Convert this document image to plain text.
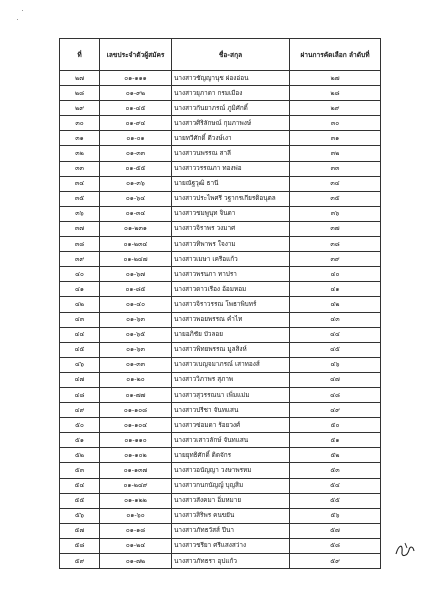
ที่	เลขประจำตัวผู้สมัคร	ชื่อ-สกุล	ผ่านการคัดเลือก ลำดับที่
๒๗	๐๑-๑๑๑	นางสาวชัญญานุช ผ่องอ่อน	๒๗
๒๘	๐๑-๙๒	นางสาวยุภาดา กรมเมือง	๒๘
๒๙	๐๑-๔๕	นางสาวกันยาภรณ์ ภูมิศักดิ์	๒๙
๓๐	๐๑-๙๔	นางสาวศิริลักษณ์ กุมภาพงษ์	๓๐
๓๑	๐๑-๐๑	นายทวีศักดิ์ ดีวงษ์เงา	๓๑
๓๒	๐๑-๓๓	นางสาวนพรรณ สาลี	๓๒
๓๓	๐๑-๕๕	นางสาววรรณภา ทองพ่อ	๓๓
๓๔	๐๑-๓๖	นายณัฐวุฒิ ธานี	๓๔
๓๕	๐๑-๖๔	นางสาวประไพศรี วฐากรเกียรติอนุตล	๓๕
๓๖	๐๑-๓๔	นางสาวชมพูนุท จินดา	๓๖
๓๗	๐๑-๒๓๑	นางสาวจิราพร วงมาศ	๓๗
๓๘	๐๑-๒๓๔	นางสาวทิพาพร ใจงาม	๓๘
๓๙	๐๑-๒๔๗	นางสาวเมษา เครือแก้ว	๓๙
๔๐	๐๑-๖๗	นางสาวพรนภา ทาปรา	๔๐
๔๑	๐๑-๘๕	นางสาวดาวเรือง อ้อมหอม	๔๑
๔๒	๐๑-๔๐	นางสาวจิราวรรณ โพธาพิบทร์	๔๒
๔๓	๐๑-๖๓	นางสาวพอยพรรณ คำไท	๔๓
๔๔	๐๑-๖๕	นายอภิชัย บัวลอย	๔๔
๔๕	๐๑-๖๓	นางสาวพิทยพรรณ มูลสิงห์	๔๕
๔๖	๐๑-๓๓	นางสาวเบญจมาภรณ์ เสาทองส์	๔๖
๔๗	๐๑-๒๐	นางสาววิภาพร สุภาพ	๔๗
๔๘	๐๑-๗๗	นางสาวสุวรรณนา เพิ่มแม่ม	๔๘
๔๙	๐๑-๑๐๘	นางสาวปรีชา จันทแสน	๔๙
๕๐	๐๑-๑๐๔	นางสาวซ่อมดา ร้อยวงศ์	๕๐
๕๑	๐๑-๑๑๐	นางสาวเสาวลักษ์ จันทแสน	๕๑
๕๒	๐๑-๑๐๒	นายยุทธิศักดิ์ ติดจักร	๕๒
๕๓	๐๑-๑๓๗	นางสาวอนัญญา วงษาพรหม	๕๓
๕๔	๐๑-๒๔๙	นางสาวกนกนัญญ์ บุญสิม	๕๔
๕๕	๐๑-๑๒๒	นางสาวสังคมา อิ่มหมาย	๕๕
๕๖	๐๑-๖๐	นางสาวสิริพร คนขยัน	๕๖
๕๗	๐๑-๑๘	นางสาวภัทธวัสส์ ปีนา	๕๗
๕๘	๐๑-๒๔	นางสาวชรียา ศรีแสงสว่าง	๕๘
๕๙	๐๑-๗๒	นางสาวภัทธรา อุปแก้ว	๕๙
